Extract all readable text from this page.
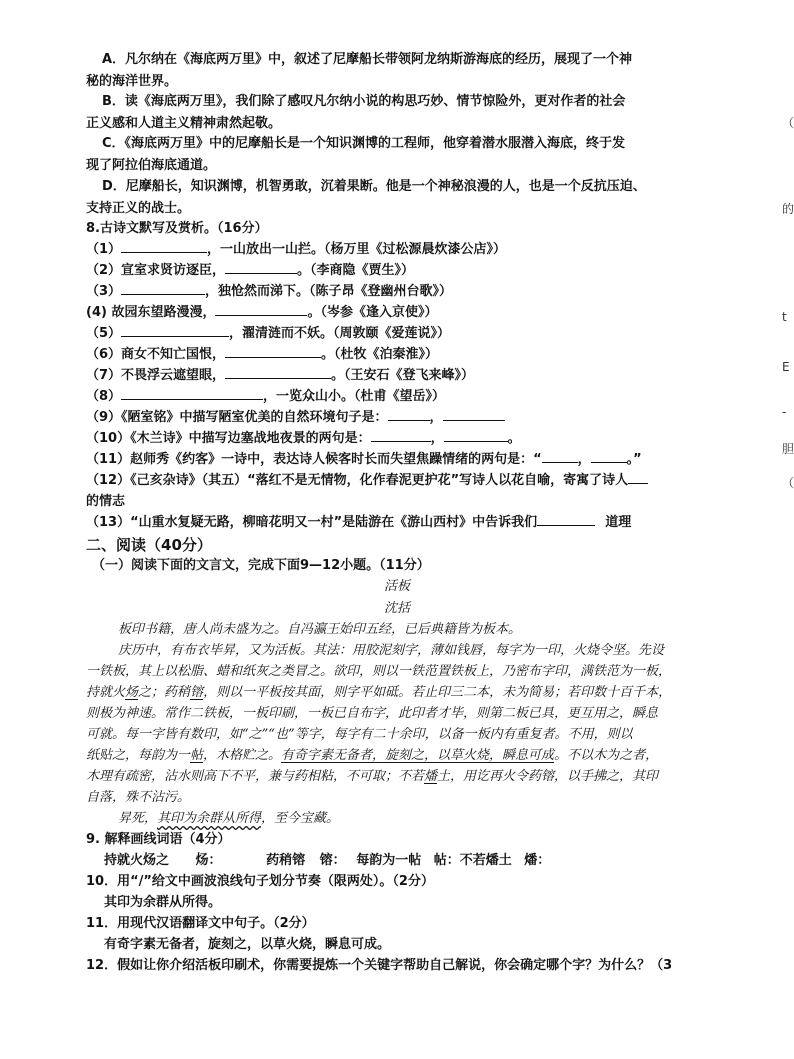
A．凡尔纳在《海底两万里》中，叙述了尼摩船长带领阿龙纳斯游海底的经历，展现了一个神
秘的海洋世界。
B．读《海底两万里》，我们除了感叹凡尔纳小说的构思巧妙、情节惊险外，更对作者的社会
正义感和人道主义精神肃然起敬。
C．《海底两万里》中的尼摩船长是一个知识渊博的工程师，他穿着潜水服潜入海底，终于发
现了阿拉伯海底通道。
D．尼摩船长，知识渊博，机智勇敢，沉着果断。他是一个神秘浪漫的人，也是一个反抗压迫、
支持正义的战士。
8.古诗文默写及赏析。（16分）
（1）	，一山放出一山拦。（杨万里《过松源晨炊漆公店》）
（2）宣室求贤访逐臣，	。（李商隐《贾生》）
（3）	，独怆然而涕下。（陈子昂《登幽州台歌》）
(4) 故园东望路漫漫，	。（岑参《逢入京使》）
（5）	，濯清涟而不妖。（周敦颐《爱莲说》）
（6）商女不知亡国恨，	。（杜牧《泊秦淮》）
（7）不畏浮云遮望眼，	。（王安石《登飞来峰》）
（8）	，一览众山小。（杜甫《望岳》）
（9）《陋室铭》中描写陋室优美的自然环境句子是：	，
（10）《木兰诗》中描写边塞战地夜景的两句是：	，	。
（11）赵师秀《约客》一诗中，表达诗人候客时长而失望焦躁情绪的两句是：“	，	。”
（12）《己亥杂诗》（其五）“落红不是无情物，化作春泥更护花”写诗人以花自喻，寄寓了诗人
的情志
（13）“山重水复疑无路，柳暗花明又一村”是陆游在《游山西村》中告诉我们	道理
二、阅读（40分）
（一）阅读下面的文言文，完成下面9—12小题。（11分）
活板
沈括
板印书籍，唐人尚未盛为之。自冯瀛王始印五经，已后典籍皆为板本。
庆历中，有布衣毕昇，又为活板。其法：用胶泥刻字，薄如钱唇，每字为一印，火烧令坚。先设
一铁板，其上以松脂、蜡和纸灰之类冒之。欲印，则以一铁范置铁板上，乃密布字印，满铁范为一板，
持就火炀之；药稍镕，则以一平板按其面，则字平如砥。若止印三二本，未为简易；若印数十百千本，
则极为神速。常作二铁板，一板印刷，一板已自布字，此印者才毕，则第二板已具，更互用之，瞬息
可就。每一字皆有数印，如“之”“也”等字，每字有二十余印，以备一板内有重复者。不用，则以
纸贴之，每韵为一帖，木格贮之。有奇字素无备者，旋刻之，以草火烧，瞬息可成。不以木为之者，
木理有疏密，沾水则高下不平，兼与药相粘，不可取；不若燔土，用讫再火令药镕，以手拂之，其印
自落，殊不沾污。
昇死，其印为余群从所得，至今宝藏。
9. 解释画线词语（4分）
持就火炀之 炀：	药稍镕 镕： 每韵为一帖 帖：不若燔土 燔：
10．用“/”给文中画波浪线句子划分节奏（限两处）。（2分）
其印为余群从所得。
11．用现代汉语翻译文中句子。（2分）
有奇字素无备者，旋刻之，以草火烧，瞬息可成。
12．假如让你介绍活板印刷术，你需要提炼一个关键字帮助自己解说，你会确定哪个字？为什么？（3
（
的
t
E
-
胆
（
